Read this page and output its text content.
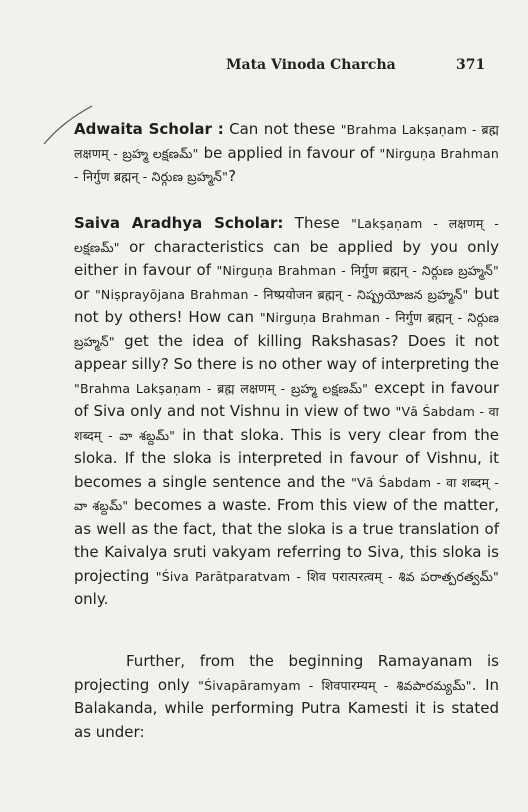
Mata Vinoda Charcha	371
Adwaita Scholar : Can not these "Brahma Lakṣaṇam - ब्रह्म लक्षणम् - బ్రహ్మ లక్షణమ్" be applied in favour of "Nirguṇa Brahman - निर्गुण ब्रह्मन् - నిర్గుణ బ్రహ్మన్"?
Saiva Aradhya Scholar: These "Lakṣaṇam - लक्षणम् - లక్షణమ్" or characteristics can be applied by you only either in favour of "Nirguṇa Brahman - निर्गुण ब्रह्मन् - నిర్గుణ బ్రహ్మన్" or "Niṣprayōjana Brahman - निष्प्रयोजन ब्रह्मन् - నిష్ప్రయోజన బ్రహ్మన్" but not by others! How can "Nirguṇa Brahman - निर्गुण ब्रह्मन् - నిర్గుణ బ్రహ్మన్" get the idea of killing Rakshasas? Does it not appear silly? So there is no other way of interpreting the "Brahma Lakṣaṇam - ब्रह्म लक्षणम् - బ్రహ్మ లక్షణమ్" except in favour of Siva only and not Vishnu in view of two "Vā Śabdam - वा शब्दम् - వా శబ్దమ్" in that sloka. This is very clear from the sloka. If the sloka is interpreted in favour of Vishnu, it becomes a single sentence and the "Vā Śabdam - वा शब्दम् - వా శబ్దమ్" becomes a waste. From this view of the matter, as well as the fact, that the sloka is a true translation of the Kaivalya sruti vakyam referring to Siva, this sloka is projecting "Śiva Parātparatvam - शिव परात्परत्वम् - శివ పరాత్పరత్వమ్" only.
Further, from the beginning Ramayanam is projecting only "Śivapāramyam - शिवपारम्यम् - శివపారమ్యమ్". In Balakanda, while performing Putra Kamesti it is stated as under:
